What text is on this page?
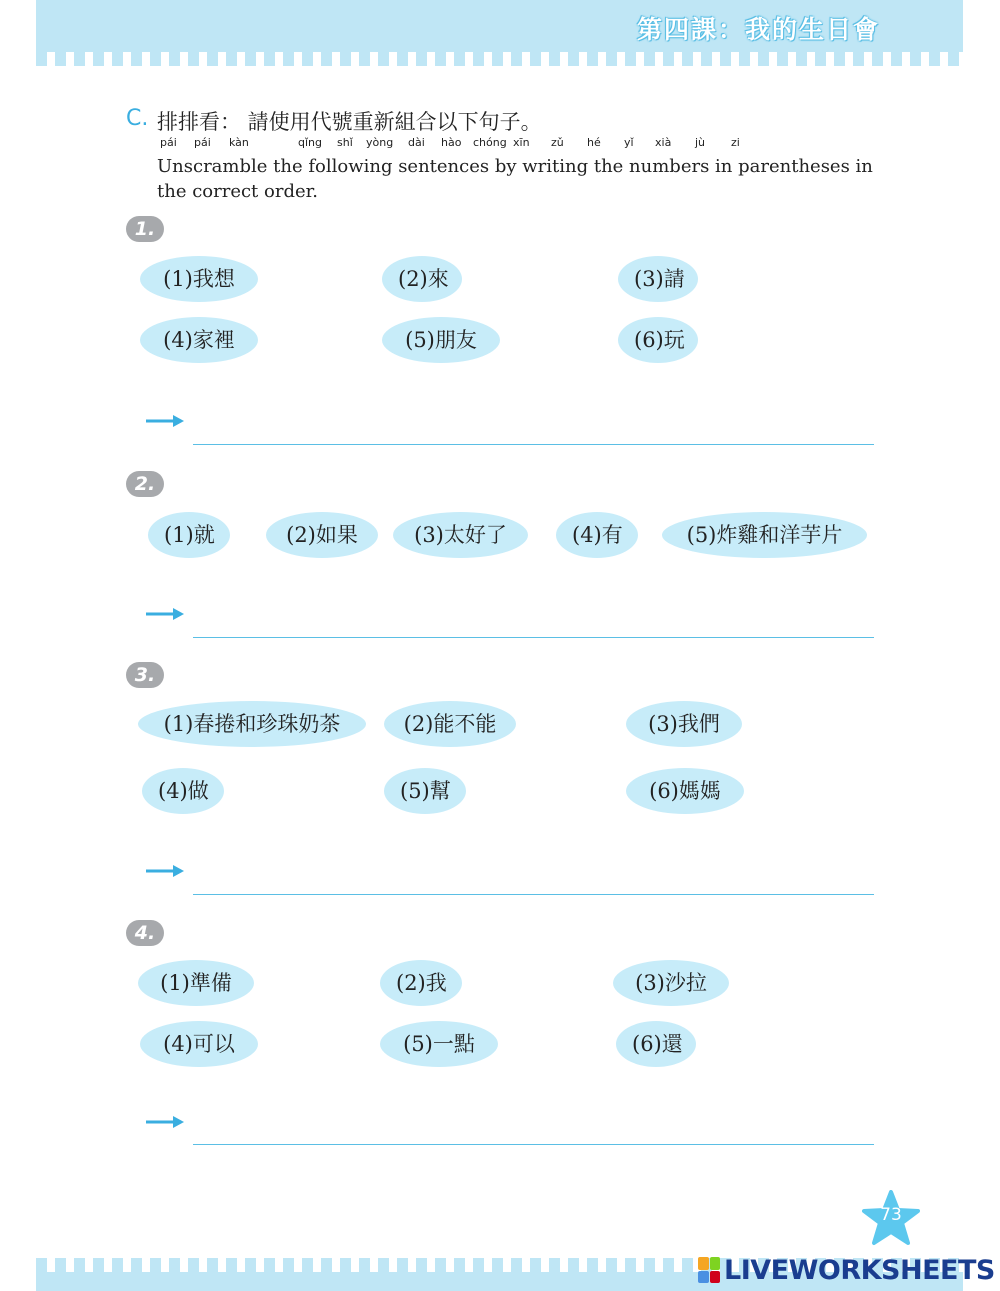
第四課：我的生日會
C. 排排看： 請使用代號重新組合以下句子。
pái pái kàn	qǐng shǐ yòng dài hào chóng xīn zǔ hé yǐ xià jù zi
Unscramble the following sentences by writing the numbers in parentheses in the correct order.
1.
(1)我想	(2)來	(3)請
(4)家裡	(5)朋友	(6)玩
2.
(1)就	(2)如果	(3)太好了	(4)有	(5)炸雞和洋芋片
3.
(1)春捲和珍珠奶茶	(2)能不能	(3)我們
(4)做	(5)幫	(6)媽媽
4.
(1)準備	(2)我	(3)沙拉
(4)可以	(5)一點	(6)還
73
LIVEWORKSHEETS
